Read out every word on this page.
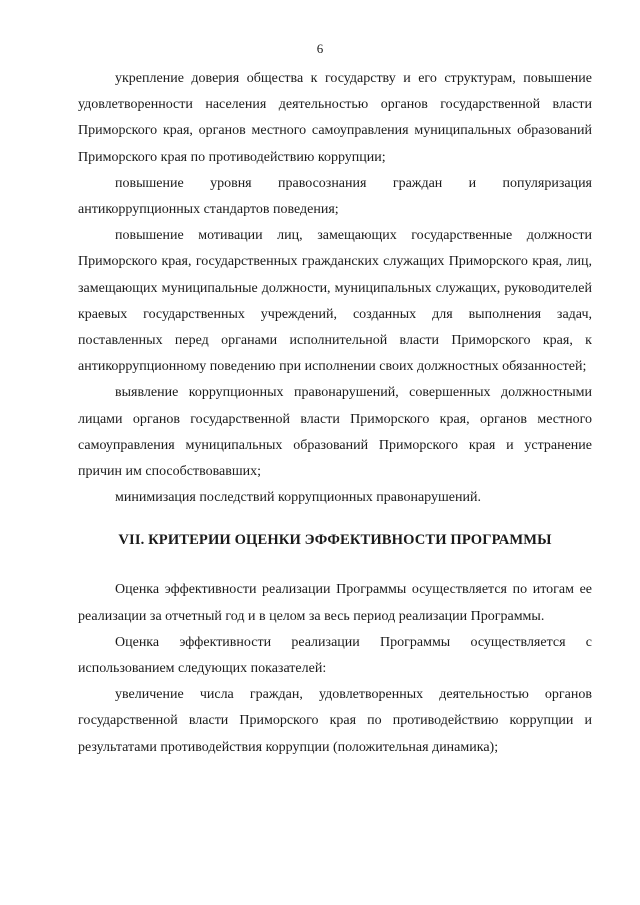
6

укрепление доверия общества к государству и его структурам, повышение удовлетворенности населения деятельностью органов государственной власти Приморского края, органов местного самоуправления муниципальных образований Приморского края по противодействию коррупции;

повышение уровня правосознания граждан и популяризация антикоррупционных стандартов поведения;

повышение мотивации лиц, замещающих государственные должности Приморского края, государственных гражданских служащих Приморского края, лиц, замещающих муниципальные должности, муниципальных служащих, руководителей краевых государственных учреждений, созданных для выполнения задач, поставленных перед органами исполнительной власти Приморского края, к антикоррупционному поведению при исполнении своих должностных обязанностей;

выявление коррупционных правонарушений, совершенных должностными лицами органов государственной власти Приморского края, органов местного самоуправления муниципальных образований Приморского края и устранение причин им способствовавших;

минимизация последствий коррупционных правонарушений.

VII. КРИТЕРИИ ОЦЕНКИ ЭФФЕКТИВНОСТИ ПРОГРАММЫ

Оценка эффективности реализации Программы осуществляется по итогам ее реализации за отчетный год и в целом за весь период реализации Программы.

Оценка эффективности реализации Программы осуществляется с использованием следующих показателей:

увеличение числа граждан, удовлетворенных деятельностью органов государственной власти Приморского края по противодействию коррупции и результатами противодействия коррупции (положительная динамика);
